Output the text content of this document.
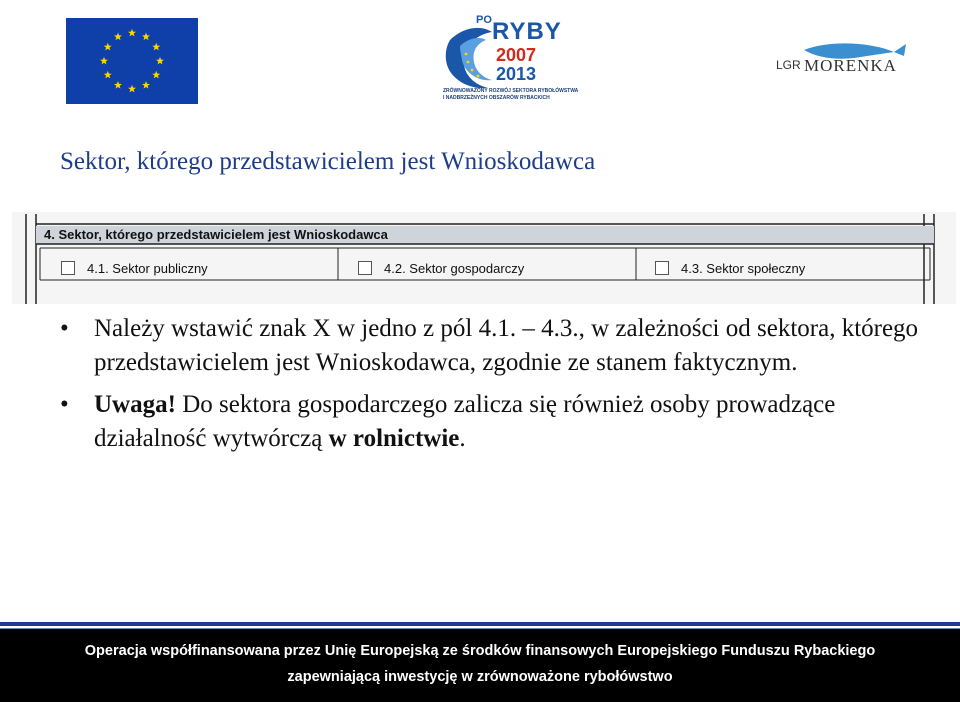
PO RYBY
2007
2013
ZRÓWNOWAŻONY ROZWÓJ SEKTORA RYBOŁÓWSTWA
I NADBRZEŻNYCH OBSZARÓW RYBACKICH
LGR MORENKA
Sektor, którego przedstawicielem jest Wnioskodawca
4. Sektor, którego przedstawicielem jest Wnioskodawca
4.1. Sektor publiczny	4.2. Sektor gospodarczy	4.3. Sektor społeczny
• Należy wstawić znak X w jedno z pól 4.1. – 4.3., w zależności od sektora, którego przedstawicielem jest Wnioskodawca, zgodnie ze stanem faktycznym.
• Uwaga! Do sektora gospodarczego zalicza się również osoby prowadzące działalność wytwórczą w rolnictwie.
Operacja współfinansowana przez Unię Europejską ze środków finansowych Europejskiego Funduszu Rybackiego
zapewniającą inwestycję w zrównoważone rybołówstwo
